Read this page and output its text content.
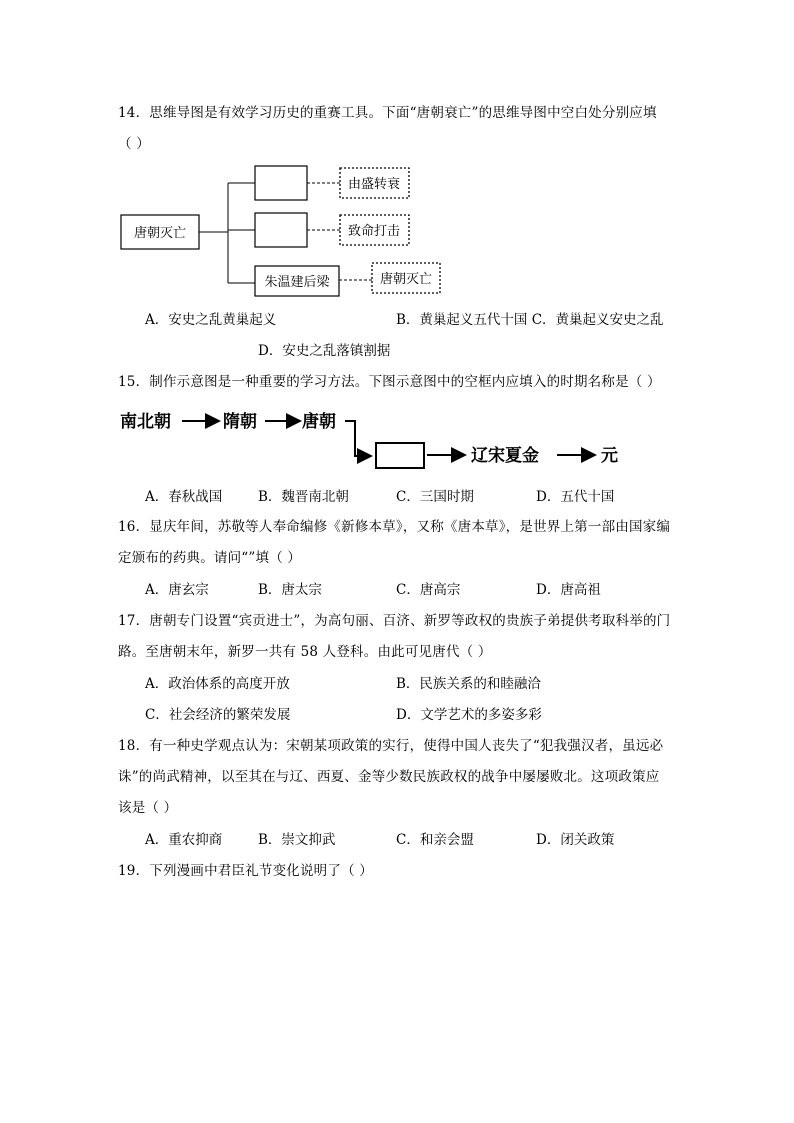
14．思维导图是有效学习历史的重赛工具。下面“唐朝衰亡”的思维导图中空白处分别应填
（ ）
唐朝灭亡
朱温建后梁
由盛转衰
致命打击
唐朝灭亡
A．安史之乱黄巢起义	B．黄巢起义五代十国 C．黄巢起义安史之乱
D．安史之乱落镇割据
15．制作示意图是一种重要的学习方法。下图示意图中的空框内应填入的时期名称是（ ）
南北朝	隋朝	唐朝
辽宋夏金	元
A．春秋战国	B．魏晋南北朝	C．三国时期	D．五代十国
16．显庆年间，苏敬等人奉命编修《新修本草》，又称《唐本草》，是世界上第一部由国家编
定颁布的药典。请问“”填（ ）
A．唐玄宗	B．唐太宗	C．唐高宗	D．唐高祖
17．唐朝专门设置“宾贡进士”，为高句丽、百济、新罗等政权的贵族子弟提供考取科举的门
路。至唐朝末年，新罗一共有 58 人登科。由此可见唐代（ ）
A．政治体系的高度开放	B．民族关系的和睦融洽
C．社会经济的繁荣发展	D．文学艺术的多姿多彩
18．有一种史学观点认为：宋朝某项政策的实行，使得中国人丧失了“犯我强汉者，虽远必
诛”的尚武精神，以至其在与辽、西夏、金等少数民族政权的战争中屡屡败北。这项政策应
该是（ ）
A．重农抑商	B．崇文抑武	C．和亲会盟	D．闭关政策
19．下列漫画中君臣礼节变化说明了（ ）
